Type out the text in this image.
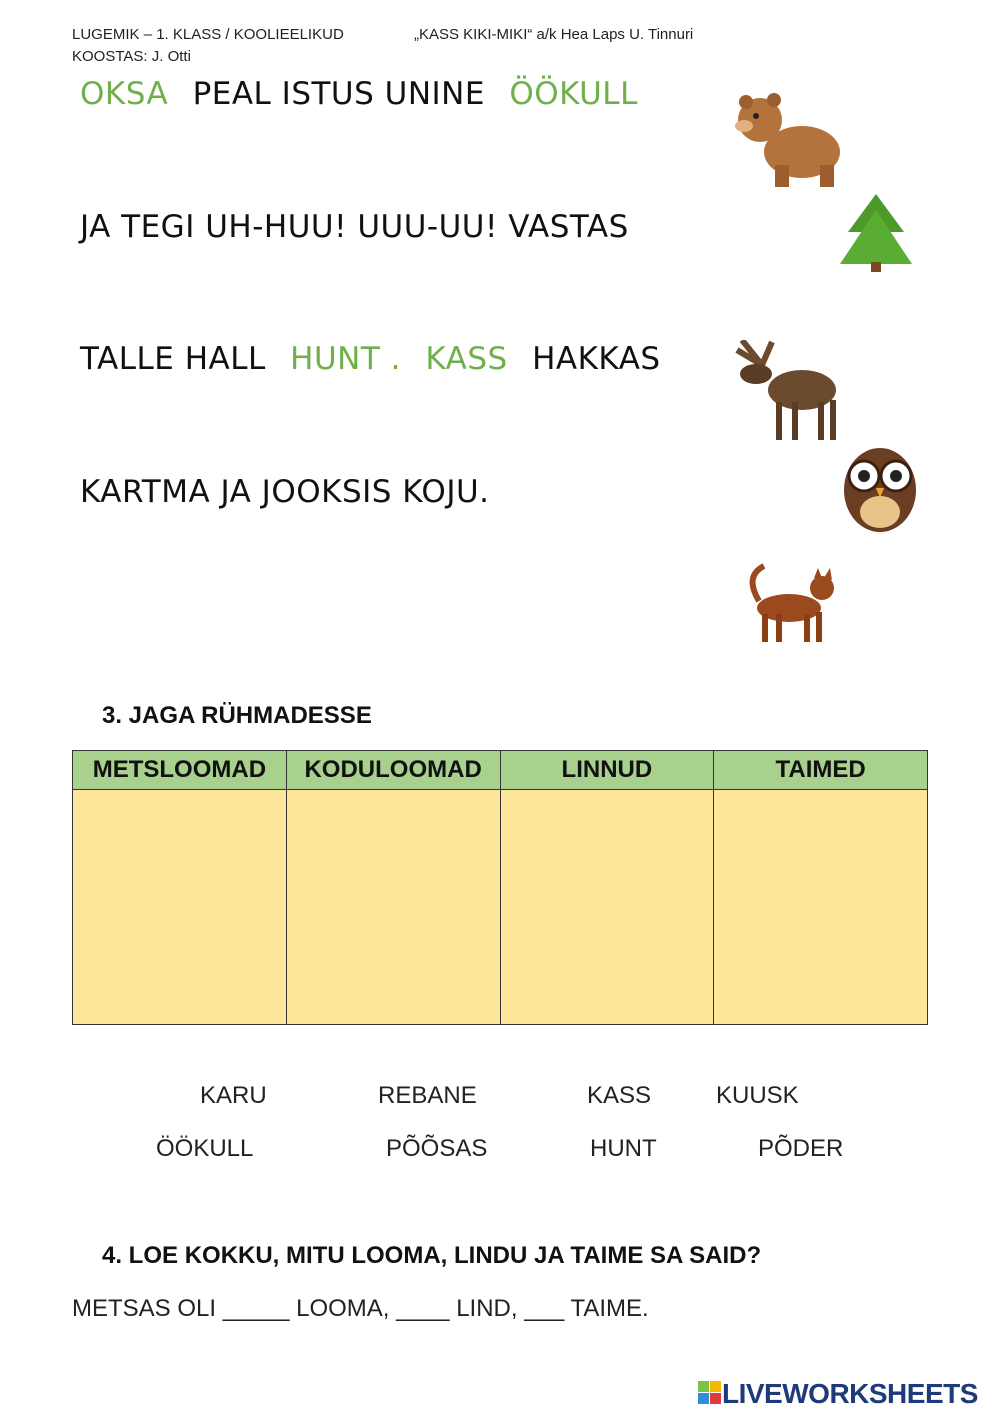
LUGEMIK – 1. KLASS / KOOLIEELIKUD
KOOSTAS: J. Otti
„KASS KIKI-MIKI“ a/k Hea Laps U. Tinnuri
OKSA PEAL ISTUS UNINE ÖÖKULL
JA TEGI UH-HUU! UUU-UU! VASTAS
TALLE HALL HUNT . KASS HAKKAS
KARTMA JA JOOKSIS KOJU.
3. JAGA RÜHMADESSE
METSLOOMAD	KODULOOMAD	LINNUD	TAIMED

KARU	REBANE	KASS	KUUSK
ÖÖKULL	PÕÕSAS	HUNT	PÕDER
4. LOE KOKKU, MITU LOOMA, LINDU JA TAIME SA SAID?
METSAS OLI _____ LOOMA, ____ LIND, ___ TAIME.
LIVEWORKSHEETS
